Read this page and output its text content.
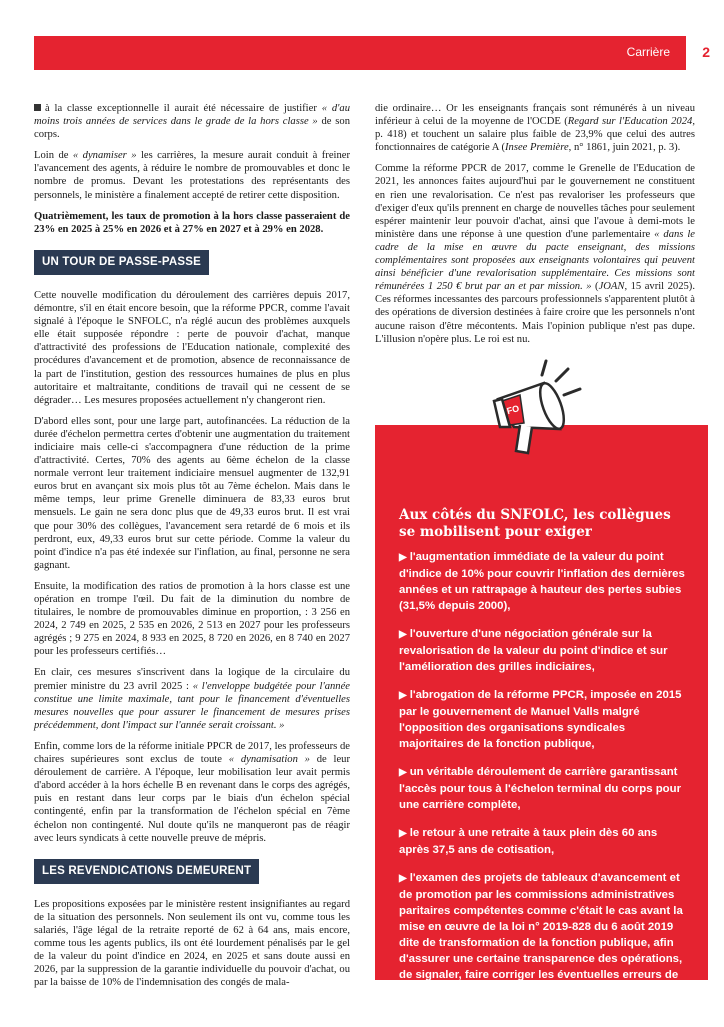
Carrière 2

à la classe exceptionnelle il aurait été nécessaire de justifier « d'au moins trois années de services dans le grade de la hors classe » de son corps.

Loin de « dynamiser » les carrières, la mesure aurait conduit à freiner l'avancement des agents, à réduire le nombre de promouvables et donc le nombre de promus. Devant les protestations des représentants des personnels, le ministère a finalement accepté de retirer cette disposition.

Quatrièmement, les taux de promotion à la hors classe passeraient de 23% en 2025 à 25% en 2026 et à 27% en 2027 et à 29% en 2028.

UN TOUR DE PASSE-PASSE

Cette nouvelle modification du déroulement des carrières depuis 2017, démontre, s'il en était encore besoin, que la réforme PPCR, comme l'avait signalé à l'époque le SNFOLC, n'a réglé aucun des problèmes auxquels elle était supposée répondre : perte de pouvoir d'achat, manque d'attractivité des professions de l'Education nationale, complexité des procédures d'avancement et de promotion, absence de reconnaissance de la part de l'institution, gestion des ressources humaines de plus en plus autoritaire et maltraitante, conditions de travail qui ne cessent de se dégrader… Les mesures proposées actuellement n'y changeront rien.

D'abord elles sont, pour une large part, autofinancées. La réduction de la durée d'échelon permettra certes d'obtenir une augmentation du traitement indiciaire mais celle-ci s'accompagnera d'une réduction de la prime d'attractivité. Certes, 70% des agents au 6ème échelon de la classe normale verront leur traitement indiciaire mensuel augmenter de 132,91 euros brut en avançant six mois plus tôt au 7ème échelon. Mais dans le même temps, leur prime Grenelle diminuera de 83,33 euros brut mensuels. Le gain ne sera donc plus que de 49,33 euros brut. Il est vrai que pour 30% des collègues, l'avancement sera retardé de 6 mois et ils perdront, eux, 49,33 euros brut sur cette période. Comme la valeur du point d'indice n'a pas été indexée sur l'inflation, au final, personne ne sera gagnant.

Ensuite, la modification des ratios de promotion à la hors classe est une opération en trompe l'œil. Du fait de la diminution du nombre de titulaires, le nombre de promouvables diminue en proportion, : 3 256 en 2024, 2 749 en 2025, 2 535 en 2026, 2 513 en 2027 pour les professeurs agrégés ; 9 275 en 2024, 8 933 en 2025, 8 720 en 2026, en 8 740 en 2027 pour les professeurs certifiés…

En clair, ces mesures s'inscrivent dans la logique de la circulaire du premier ministre du 23 avril 2025 : « l'enveloppe budgétée pour l'année constitue une limite maximale, tant pour le financement d'éventuelles mesures nouvelles que pour assurer le financement de mesures prises précédemment, dont l'impact sur l'année serait croissant. »

Enfin, comme lors de la réforme initiale PPCR de 2017, les professeurs de chaires supérieures sont exclus de toute « dynamisation » de leur déroulement de carrière. A l'époque, leur mobilisation leur avait permis d'abord accéder à la hors échelle B en revenant dans le corps des agrégés, puis en restant dans leur corps par le biais d'un échelon spécial contingenté, enfin par la transformation de l'échelon spécial en 7ème échelon non contingenté. Nul doute qu'ils ne manqueront pas de réagir avec leurs syndicats à cette nouvelle preuve de mépris.

LES REVENDICATIONS DEMEURENT

Les propositions exposées par le ministère restent insignifiantes au regard de la situation des personnels. Non seulement ils ont vu, comme tous les salariés, l'âge légal de la retraite reporté de 62 à 64 ans, mais encore, comme tous les agents publics, ils ont été lourdement pénalisés par le gel de la valeur du point d'indice en 2024, en 2025 et sans doute aussi en 2026, par la suppression de la garantie individuelle du pouvoir d'achat, ou par la baisse de 10% de l'indemnisation des congés de mala-

die ordinaire… Or les enseignants français sont rémunérés à un niveau inférieur à celui de la moyenne de l'OCDE (Regard sur l'Education 2024, p. 418) et touchent un salaire plus faible de 23,9% que celui des autres fonctionnaires de catégorie A (Insee Première, n° 1861, juin 2021, p. 3).

Comme la réforme PPCR de 2017, comme le Grenelle de l'Education de 2021, les annonces faites aujourd'hui par le gouvernement ne constituent en rien une revalorisation. Ce n'est pas revaloriser les professeurs que d'exiger d'eux qu'ils prennent en charge de nouvelles tâches pour seulement espérer maintenir leur pouvoir d'achat, ainsi que l'avoue à demi-mots le ministère dans une réponse à une question d'une parlementaire « dans le cadre de la mise en œuvre du pacte enseignant, des missions complémentaires sont proposées aux enseignants volontaires qui peuvent ainsi bénéficier d'une revalorisation supplémentaire. Ces missions sont rémunérées 1 250 € brut par an et par mission. » (JOAN, 15 avril 2025). Ces réformes incessantes des parcours professionnels s'apparentent plutôt à des opérations de diversion destinées à faire croire que les personnels n'ont aucune raison d'être mécontents. Mais l'opinion publique n'est pas dupe. L'illusion n'opère plus. Le roi est nu.

Aux côtés du SNFOLC, les collègues se mobilisent pour exiger
▶ l'augmentation immédiate de la valeur du point d'indice de 10% pour couvrir l'inflation des dernières années et un rattrapage à hauteur des pertes subies (31,5% depuis 2000),
▶ l'ouverture d'une négociation générale sur la revalorisation de la valeur du point d'indice et sur l'amélioration des grilles indiciaires,
▶ l'abrogation de la réforme PPCR, imposée en 2015 par le gouvernement de Manuel Valls malgré l'opposition des organisations syndicales majoritaires de la fonction publique,
▶ un véritable déroulement de carrière garantissant l'accès pour tous à l'échelon terminal du corps pour une carrière complète,
▶ le retour à une retraite à taux plein dès 60 ans après 37,5 ans de cotisation,
▶ l'examen des projets de tableaux d'avancement et de promotion par les commissions administratives paritaires compétentes comme c'était le cas avant la mise en œuvre de la loi n° 2019-828 du 6 août 2019 dite de transformation de la fonction publique, afin d'assurer une certaine transparence des opérations, de signaler, faire corriger les éventuelles erreurs de l'administration et vérifier qu'a bien été respectée l'égalité de traitement entre tous les agents.
FO
